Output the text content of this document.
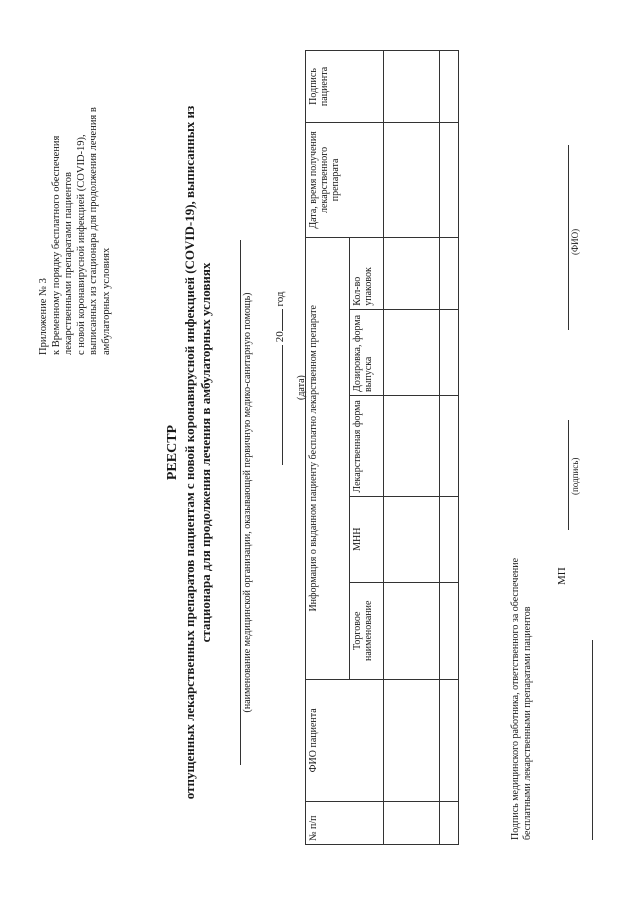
Приложение № 3 к Временному порядку бесплатного обеспечения лекарственными препаратами пациентов с новой коронавирусной инфекцией (COVID-19), выписанных из стационара для продолжения лечения в амбулаторных условиях
РЕЕСТР отпущенных лекарственных препаратов пациентам с новой коронавирусной инфекцией (COVID-19), выписанных из стационара для продолжения лечения в амбулаторных условиях	(наименование медицинской организации, оказывающей первичную медико-санитарную помощь) 20 год
(дата)
№ п/п	ФИО пациента	Информация о выданном пациенту бесплатно лекарственном препарате					Дата, время получения лекарственного препарата	Подпись пациента
		Торговое наименование	МНН	Лекарственная форма	Дозировка, форма выпуска	Кол-во упаковок		

Подпись медицинского работника, ответственного за обеспечение бесплатными лекарственными препаратами пациентов
МП
(подпись)
(ФИО)
